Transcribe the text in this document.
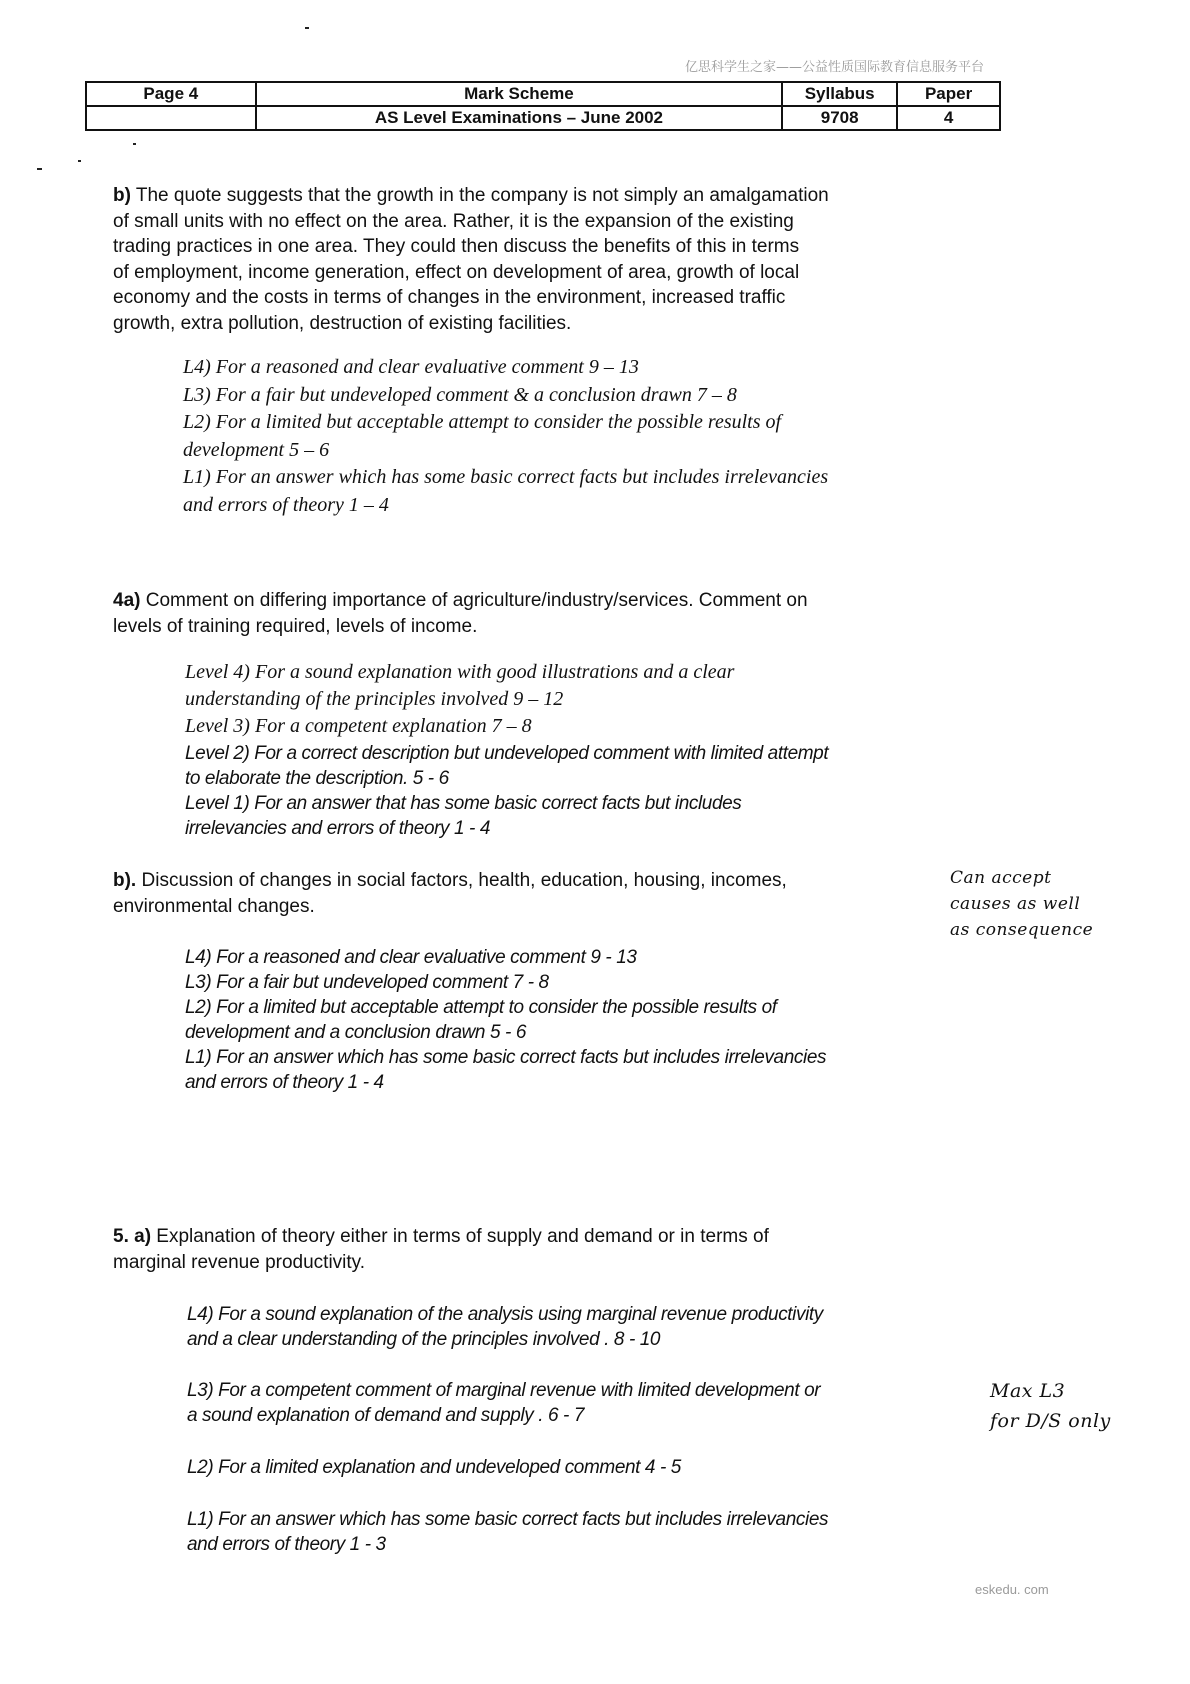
亿思科学生之家——公益性质国际教育信息服务平台
Page 4	Mark Scheme	Syllabus	Paper
	AS Level Examinations – June 2002	9708	4
b) The quote suggests that the growth in the company is not simply an amalgamation
of small units with no effect on the area. Rather, it is the expansion of the existing
trading practices in one area. They could then discuss the benefits of this in terms
of employment, income generation, effect on development of area, growth of local
economy and the costs in terms of changes in the environment, increased traffic
growth, extra pollution, destruction of existing facilities.
L4) For a reasoned and clear evaluative comment 9 – 13
L3) For a fair but undeveloped comment & a conclusion drawn 7 – 8
L2) For a limited but acceptable attempt to consider the possible results of
development 5 – 6
L1) For an answer which has some basic correct facts but includes irrelevancies
and errors of theory 1 – 4
4a) Comment on differing importance of agriculture/industry/services. Comment on
levels of training required, levels of income.
Level 4) For a sound explanation with good illustrations and a clear
understanding of the principles involved 9 – 12
Level 3) For a competent explanation 7 – 8
Level 2) For a correct description but undeveloped comment with limited attempt
to elaborate the description. 5 - 6
Level 1) For an answer that has some basic correct facts but includes
irrelevancies and errors of theory 1 - 4
b). Discussion of changes in social factors, health, education, housing, incomes,
environmental changes.
Can accept
causes as well
as consequence
L4) For a reasoned and clear evaluative comment 9 - 13
L3) For a fair but undeveloped comment 7 - 8
L2) For a limited but acceptable attempt to consider the possible results of
development and a conclusion drawn 5 - 6
L1) For an answer which has some basic correct facts but includes irrelevancies
and errors of theory 1 - 4
5. a) Explanation of theory either in terms of supply and demand or in terms of
marginal revenue productivity.
L4) For a sound explanation of the analysis using marginal revenue productivity
and a clear understanding of the principles involved . 8 - 10
L3) For a competent comment of marginal revenue with limited development or
a sound explanation of demand and supply . 6 - 7
Max L3
for D/S only
L2) For a limited explanation and undeveloped comment 4 - 5
L1) For an answer which has some basic correct facts but includes irrelevancies
and errors of theory 1 - 3
eskedu. com
